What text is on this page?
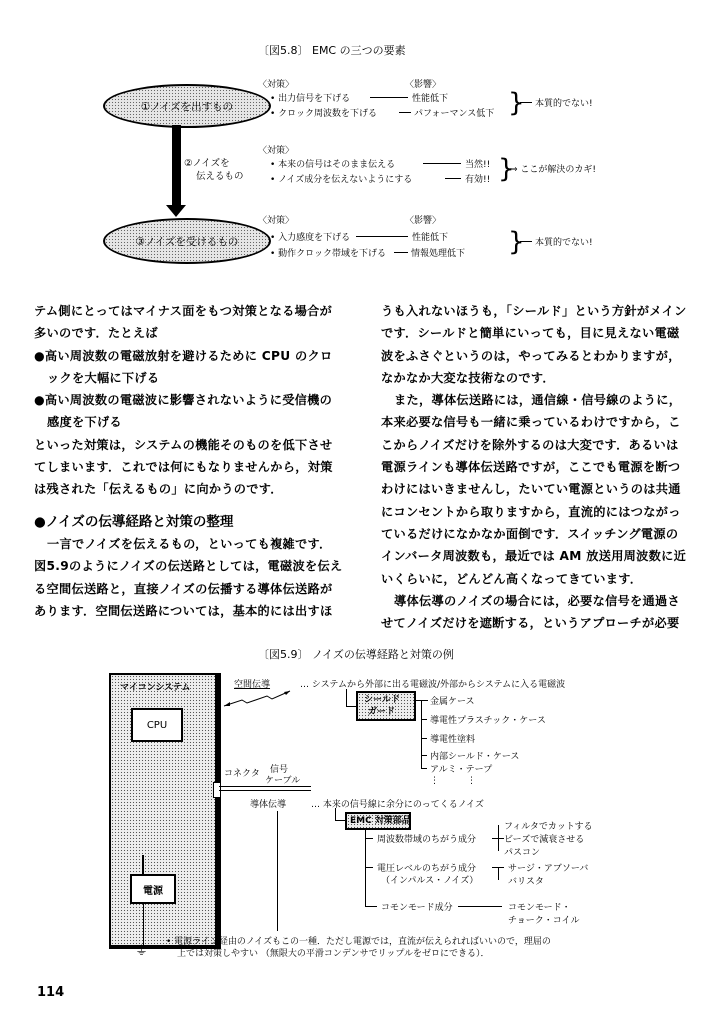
〔図5.8〕 EMC の三つの要素
①ノイズを出すもの
②ノイズを
伝えるもの
③ノイズを受けるもの
〈対策〉	〈影響〉
• 出力信号を下げる	性能低下
• クロック周波数を下げる	パフォーマンス低下 } 本質的でない!
〈対策〉
• 本来の信号はそのまま伝える	当然!!
• ノイズ成分を伝えないようにする	有効!! }
⇒ ここが解決のカギ!
〈対策〉	〈影響〉
• 入力感度を下げる	性能低下
• 動作クロック帯域を下げる	情報処理低下 } 本質的でない!

テム側にとってはマイナス面をもつ対策となる場合が

多いのです．たとえば

●高い周波数の電磁放射を避けるために CPU のクロ

ックを大幅に下げる

●高い周波数の電磁波に影響されないように受信機の

感度を下げる

といった対策は，システムの機能そのものを低下させ

てしまいます．これでは何にもなりませんから，対策

は残された「伝えるもの」に向かうのです．

●ノイズの伝導経路と対策の整理

一言でノイズを伝えるもの，といっても複雑です．

図5.9のようにノイズの伝送路としては，電磁波を伝え

る空間伝送路と，直接ノイズの伝播する導体伝送路が

あります．空間伝送路については，基本的には出すほ

うも入れないほうも，「シールド」という方針がメイン

です．シールドと簡単にいっても，目に見えない電磁

波をふさぐというのは，やってみるとわかりますが，

なかなか大変な技術なのです．

また，導体伝送路には，通信線・信号線のように，

本来必要な信号も一緒に乗っているわけですから，こ

こからノイズだけを除外するのは大変です．あるいは

電源ラインも導体伝送路ですが，ここでも電源を断つ

わけにはいきませんし，たいてい電源というのは共通

にコンセントから取りますから，直流的にはつながっ

ているだけになかなか面倒です．スイッチング電源の

インバータ周波数も，最近では AM 放送用周波数に近

いくらいに，どんどん高くなってきています．

導体伝導のノイズの場合には，必要な信号を通過さ

せてノイズだけを遮断する，というアプローチが必要

〔図5.9〕 ノイズの伝導経路と対策の例
マイコンシステム
CPU
電源
⏚
コネクタ 信号
ケーブル
空間伝導	… システムから外部に出る電磁波/外部からシステムに入る電磁波
シールド
ガード
金属ケース
導電性プラスチック・ケース
導電性塗料
内部シールド・ケース
アルミ・テープ
⋮	⋮
導体伝導	… 本来の信号線に余分にのってくるノイズ
EMC 対策部品
周波数帯域のちがう成分
フィルタでカットする
ビーズで減衰させる
パスコン
電圧レベルのちがう成分
（インパルス・ノイズ）
サージ・アブソーバ
バリスタ
コモンモード成分	コモンモード・
チョーク・コイル
• 電源ライン経由のノイズもこの一種．ただし電源では，直流が伝えられればいいので，理屈の
上では対策しやすい （無限大の平滑コンデンサでリップルをゼロにできる）．
114
